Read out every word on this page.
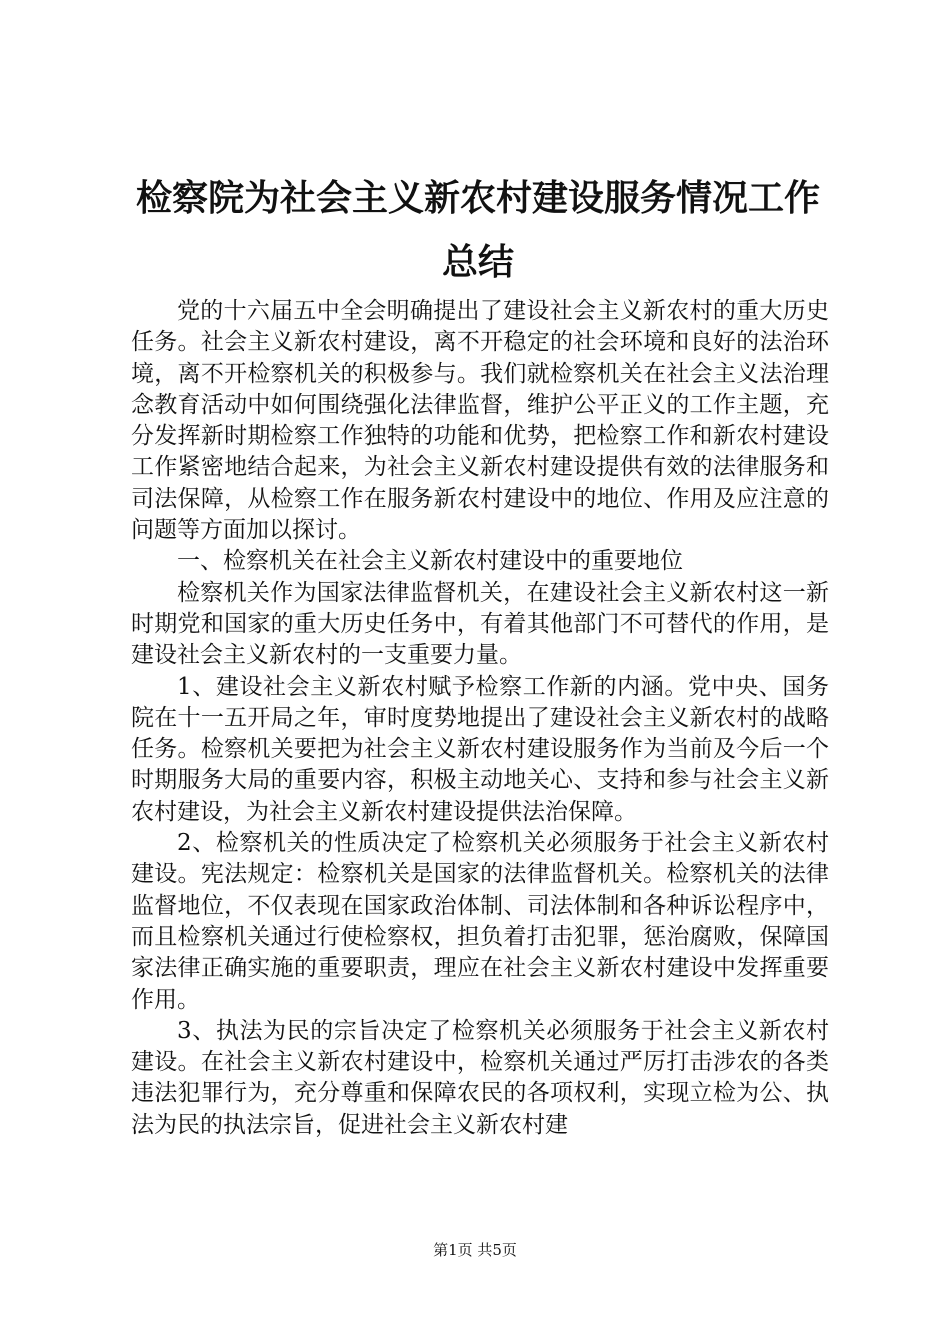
检察院为社会主义新农村建设服务情况工作总结

党的十六届五中全会明确提出了建设社会主义新农村的重大历史任务。社会主义新农村建设，离不开稳定的社会环境和良好的法治环境，离不开检察机关的积极参与。我们就检察机关在社会主义法治理念教育活动中如何围绕强化法律监督，维护公平正义的工作主题，充分发挥新时期检察工作独特的功能和优势，把检察工作和新农村建设工作紧密地结合起来，为社会主义新农村建设提供有效的法律服务和司法保障，从检察工作在服务新农村建设中的地位、作用及应注意的问题等方面加以探讨。

一、检察机关在社会主义新农村建设中的重要地位

检察机关作为国家法律监督机关，在建设社会主义新农村这一新时期党和国家的重大历史任务中，有着其他部门不可替代的作用，是建设社会主义新农村的一支重要力量。

1、建设社会主义新农村赋予检察工作新的内涵。党中央、国务院在十一五开局之年，审时度势地提出了建设社会主义新农村的战略任务。检察机关要把为社会主义新农村建设服务作为当前及今后一个时期服务大局的重要内容，积极主动地关心、支持和参与社会主义新农村建设，为社会主义新农村建设提供法治保障。

2、检察机关的性质决定了检察机关必须服务于社会主义新农村建设。宪法规定：检察机关是国家的法律监督机关。检察机关的法律监督地位，不仅表现在国家政治体制、司法体制和各种诉讼程序中，而且检察机关通过行使检察权，担负着打击犯罪，惩治腐败，保障国家法律正确实施的重要职责，理应在社会主义新农村建设中发挥重要作用。

3、执法为民的宗旨决定了检察机关必须服务于社会主义新农村建设。在社会主义新农村建设中，检察机关通过严厉打击涉农的各类违法犯罪行为，充分尊重和保障农民的各项权利，实现立检为公、执法为民的执法宗旨，促进社会主义新农村建

第1页 共5页
